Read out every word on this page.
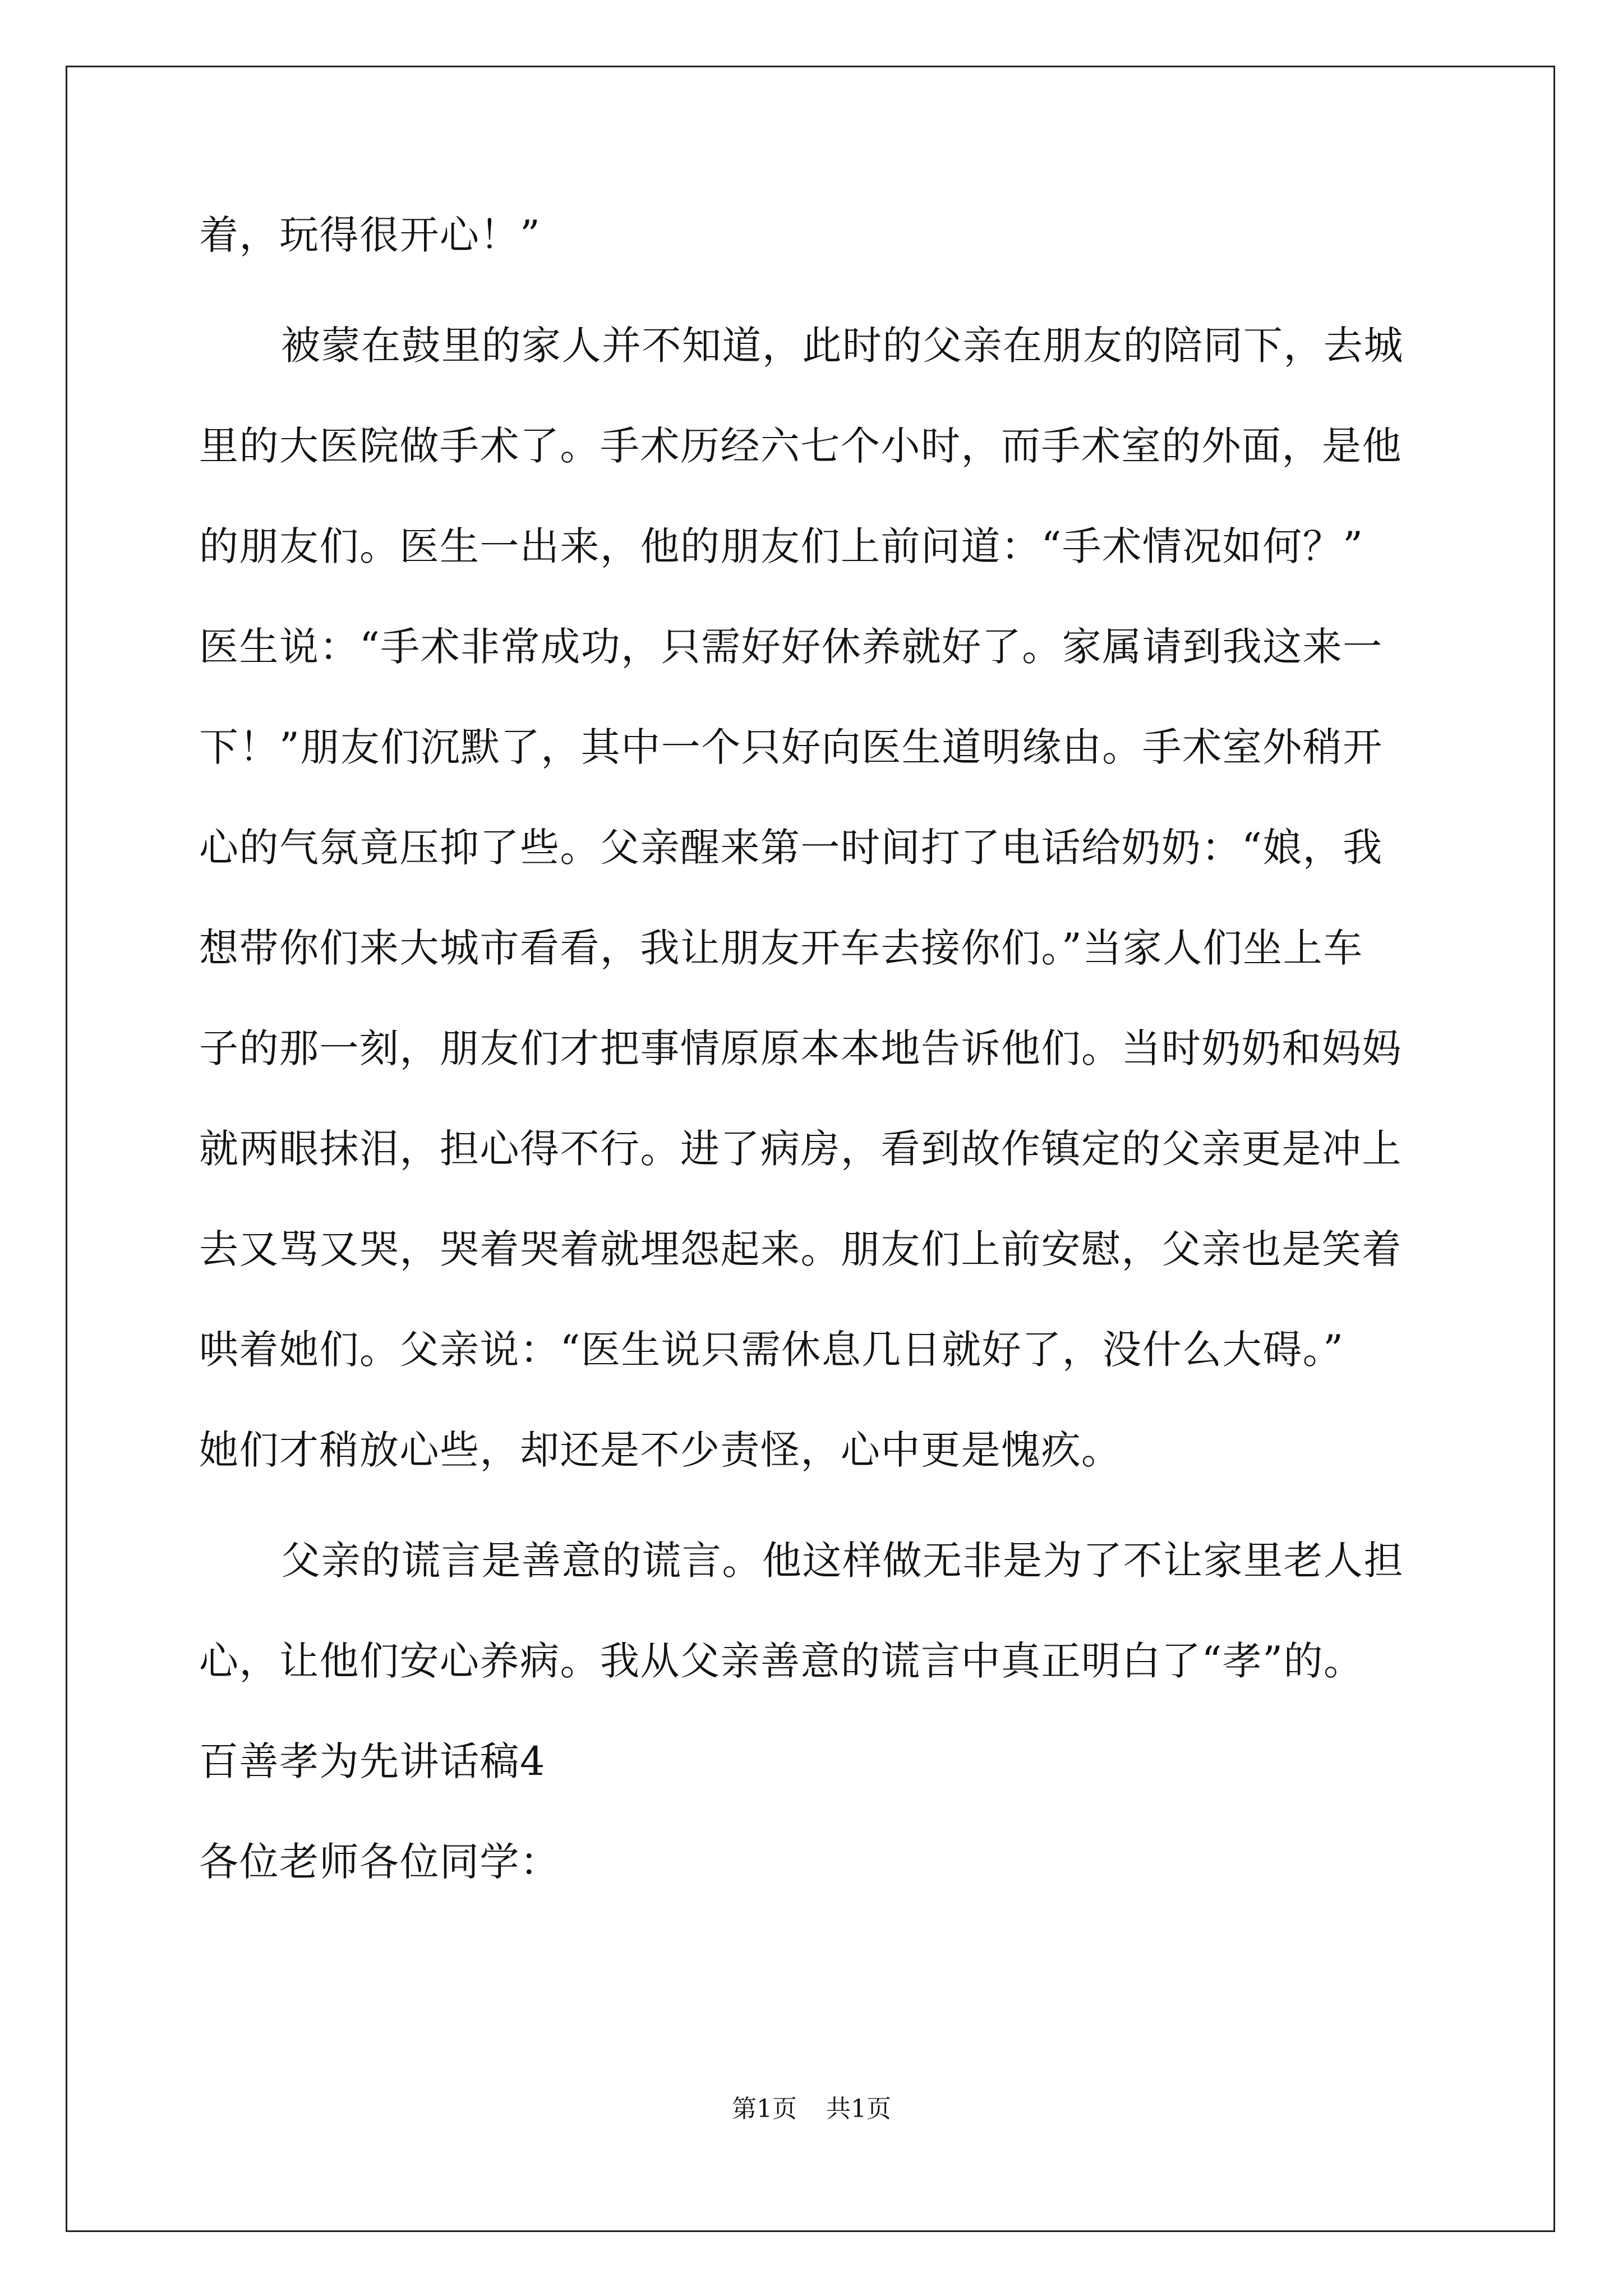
着，玩得很开心！”
被蒙在鼓里的家人并不知道，此时的父亲在朋友的陪同下，去城
里的大医院做手术了。手术历经六七个小时，而手术室的外面，是他
的朋友们。医生一出来，他的朋友们上前问道：“手术情况如何？”
医生说：“手术非常成功，只需好好休养就好了。家属请到我这来一
下！”朋友们沉默了，其中一个只好向医生道明缘由。手术室外稍开
心的气氛竟压抑了些。父亲醒来第一时间打了电话给奶奶：“娘，我
想带你们来大城市看看，我让朋友开车去接你们。”当家人们坐上车
子的那一刻，朋友们才把事情原原本本地告诉他们。当时奶奶和妈妈
就两眼抹泪，担心得不行。进了病房，看到故作镇定的父亲更是冲上
去又骂又哭，哭着哭着就埋怨起来。朋友们上前安慰，父亲也是笑着
哄着她们。父亲说：“医生说只需休息几日就好了，没什么大碍。”
她们才稍放心些，却还是不少责怪，心中更是愧疚。
父亲的谎言是善意的谎言。他这样做无非是为了不让家里老人担
心，让他们安心养病。我从父亲善意的谎言中真正明白了“孝”的。
百善孝为先讲话稿4
各位老师各位同学：
第1页 共1页
